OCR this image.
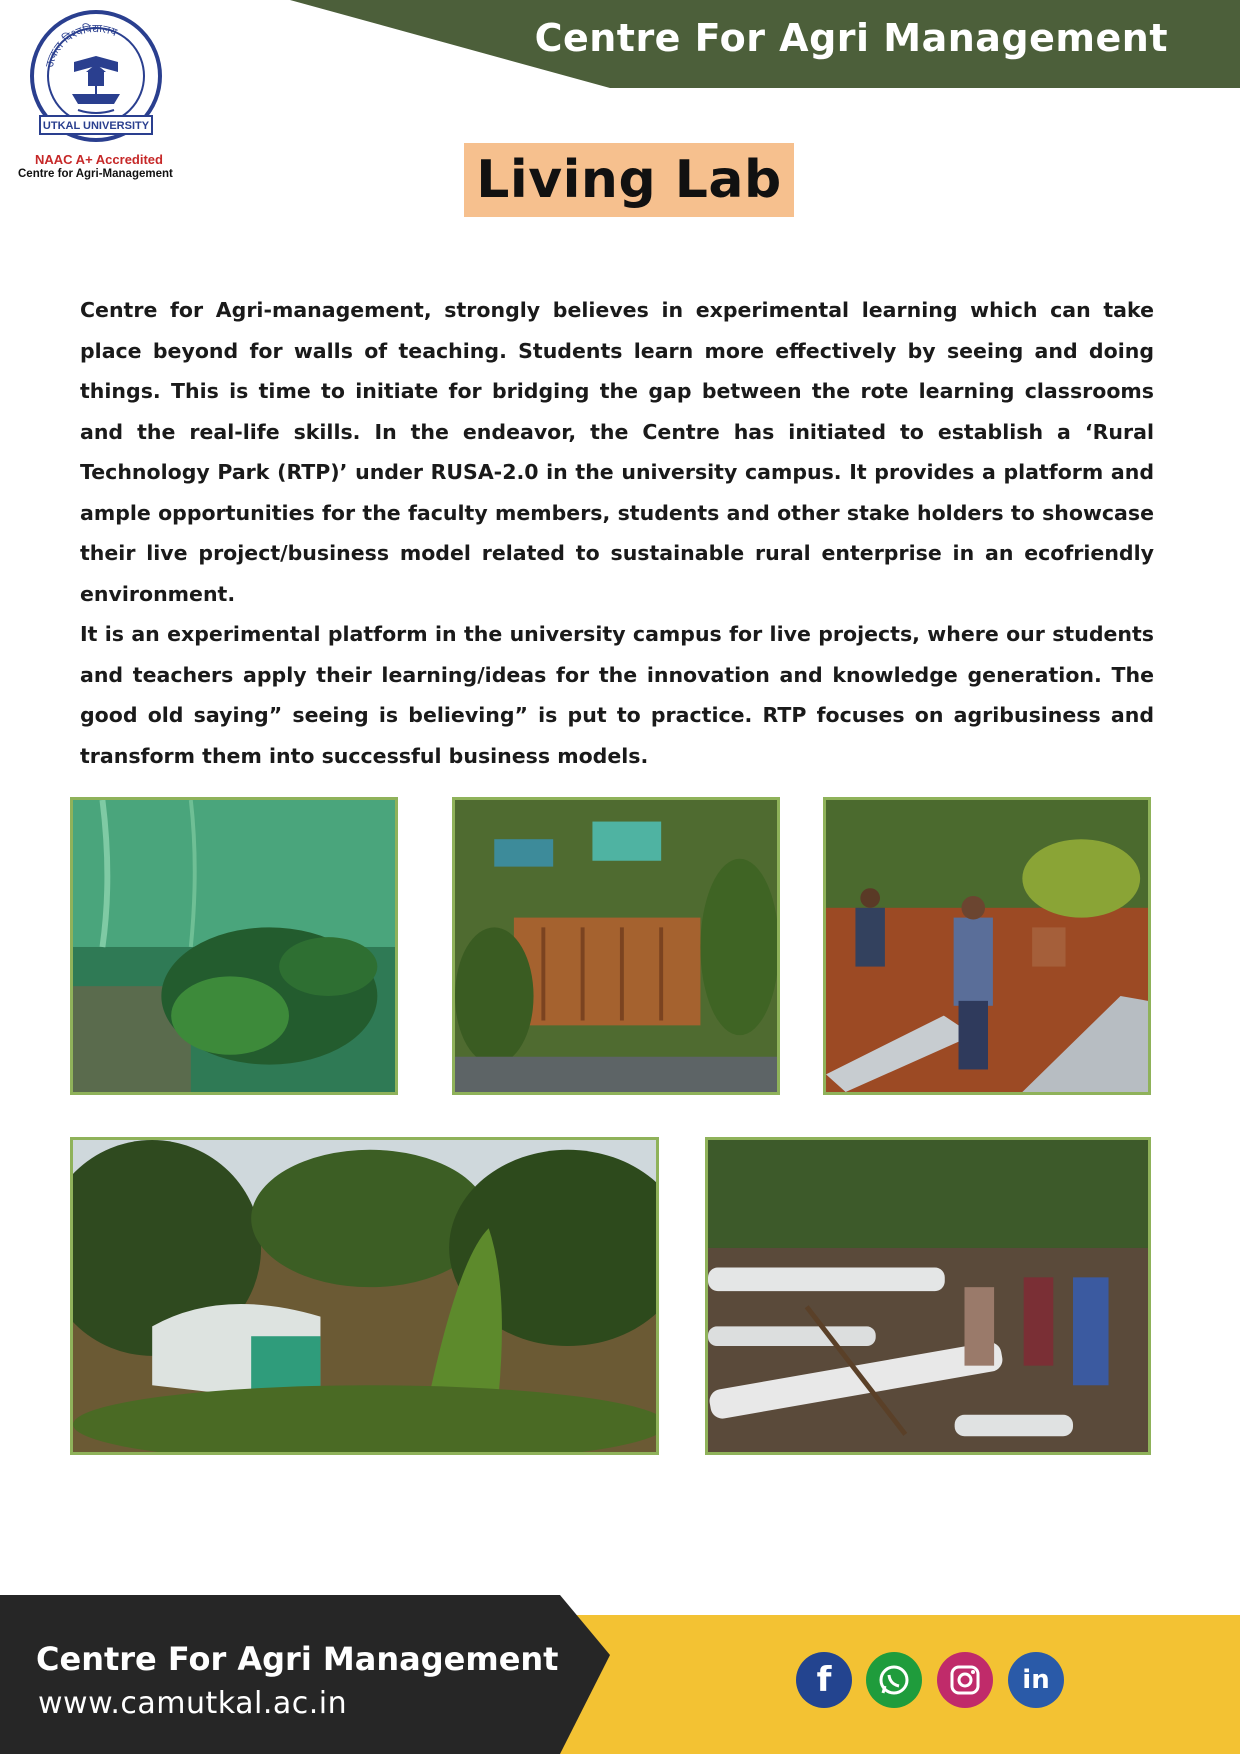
Centre For Agri Management
उत्कल विश्वविद्यालय
UTKAL UNIVERSITY
NAAC A+ Accredited
Centre for Agri-Management	Living Lab

Centre for Agri-management, strongly believes in experimental learning which can take place beyond for walls of teaching. Students learn more effectively by seeing and doing things. This is time to initiate for bridging the gap between the rote learning classrooms and the real-life skills. In the endeavor, the Centre has initiated to establish a ‘Rural Technology Park (RTP)’ under RUSA-2.0 in the university campus. It provides a platform and ample opportunities for the faculty members, students and other stake holders to showcase their live project/business model related to sustainable rural enterprise in an ecofriendly environment.

It is an experimental platform in the university campus for live projects, where our students and teachers apply their learning/ideas for the innovation and knowledge generation. The good old saying” seeing is believing” is put to practice. RTP focuses on agribusiness and transform them into successful business models.

Centre For Agri Management
www.camutkal.ac.in
f	in
